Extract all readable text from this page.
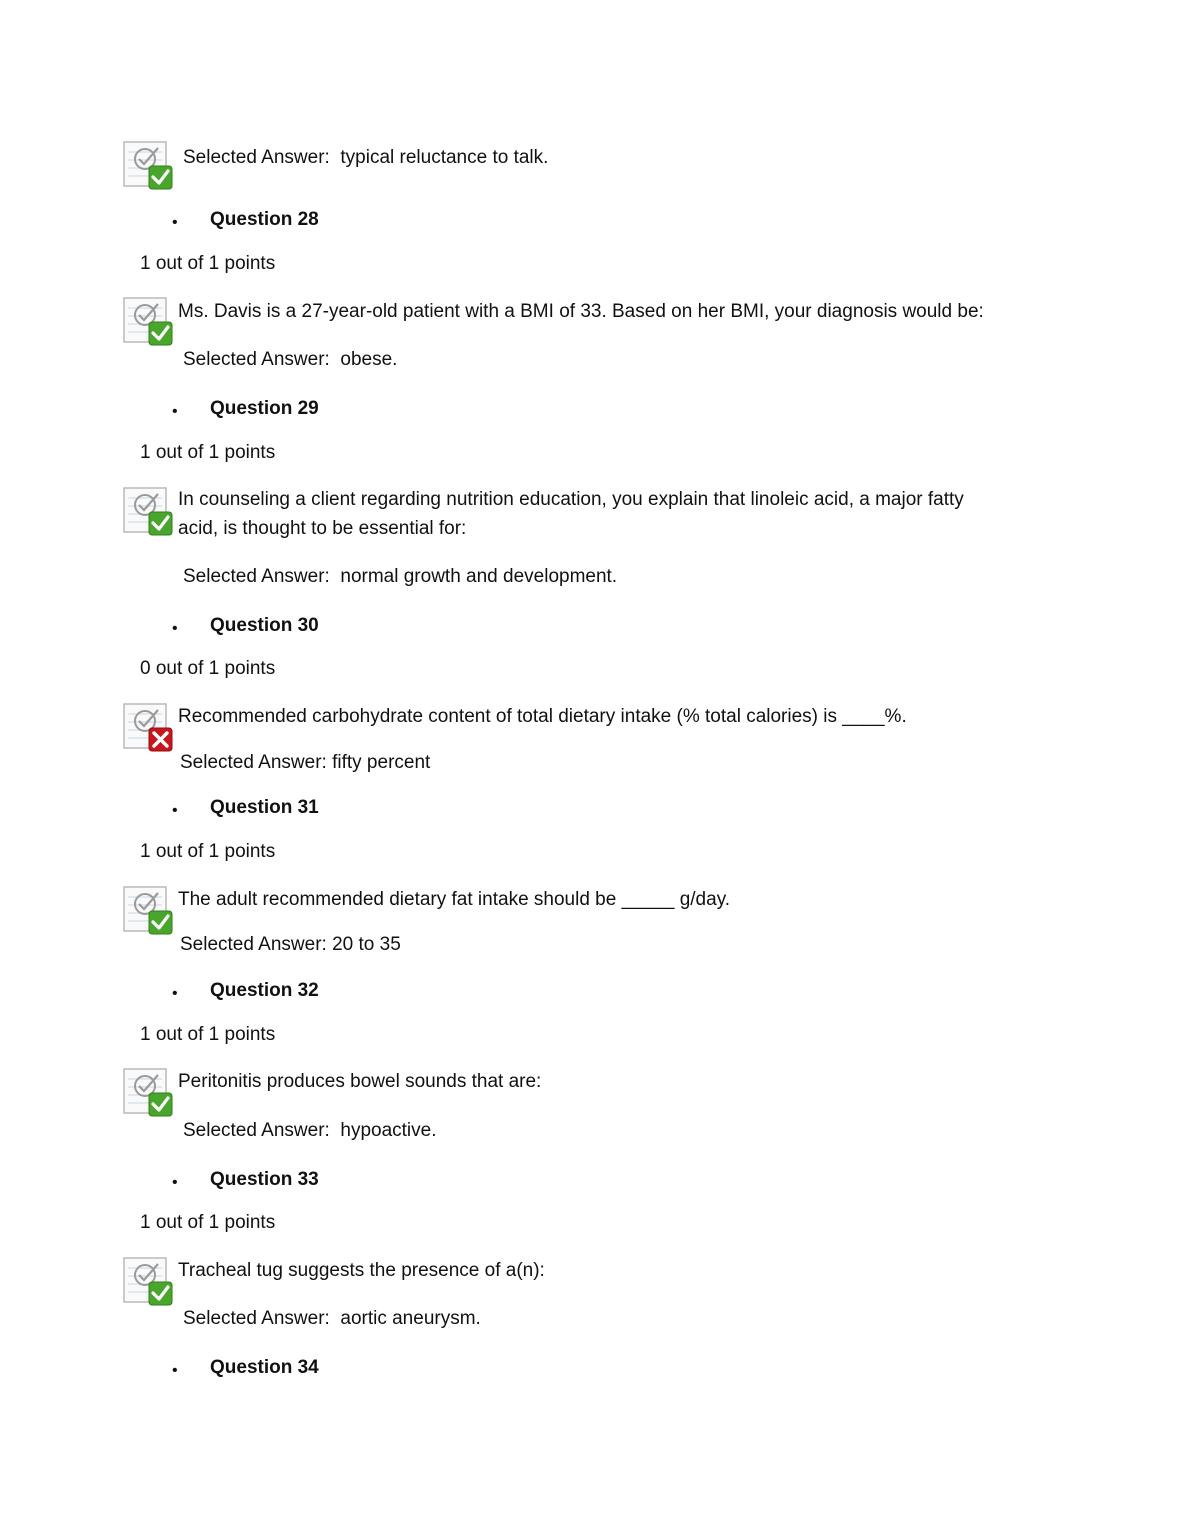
Selected Answer: typical reluctance to talk.
• Question 28
1 out of 1 points
Ms. Davis is a 27-year-old patient with a BMI of 33. Based on her BMI, your diagnosis would be:
Selected Answer: obese.
• Question 29
1 out of 1 points
In counseling a client regarding nutrition education, you explain that linoleic acid, a major fatty acid, is thought to be essential for:
Selected Answer: normal growth and development.
• Question 30
0 out of 1 points
Recommended carbohydrate content of total dietary intake (% total calories) is ____%.
Selected Answer: fifty percent
• Question 31
1 out of 1 points
The adult recommended dietary fat intake should be _____ g/day.
Selected Answer: 20 to 35
• Question 32
1 out of 1 points
Peritonitis produces bowel sounds that are:
Selected Answer: hypoactive.
• Question 33
1 out of 1 points
Tracheal tug suggests the presence of a(n):
Selected Answer: aortic aneurysm.
• Question 34
